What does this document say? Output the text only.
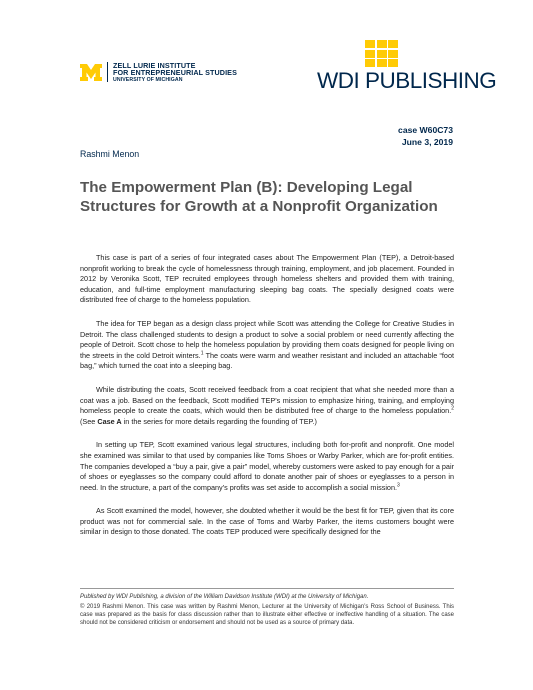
ZELL LURIE INSTITUTE
FOR ENTREPRENEURIAL STUDIES
UNIVERSITY OF MICHIGAN	WDI PUBLISHING
case W60C73
June 3, 2019
Rashmi Menon
The Empowerment Plan (B): Developing Legal Structures for Growth at a Nonprofit Organization

This case is part of a series of four integrated cases about The Empowerment Plan (TEP), a Detroit-based nonprofit working to break the cycle of homelessness through training, employment, and job placement. Founded in 2012 by Veronika Scott, TEP recruited employees through homeless shelters and provided them with training, education, and full-time employment manufacturing sleeping bag coats. The specially designed coats were distributed free of charge to the homeless population.

The idea for TEP began as a design class project while Scott was attending the College for Creative Studies in Detroit. The class challenged students to design a product to solve a social problem or need currently affecting the people of Detroit. Scott chose to help the homeless population by providing them coats designed for people living on the streets in the cold Detroit winters.$^1$ The coats were warm and weather resistant and included an attachable “foot bag,” which turned the coat into a sleeping bag.

While distributing the coats, Scott received feedback from a coat recipient that what she needed more than a coat was a job. Based on the feedback, Scott modified TEP’s mission to emphasize hiring, training, and employing homeless people to create the coats, which would then be distributed free of charge to the homeless population.$^2$ (See Case A in the series for more details regarding the founding of TEP.)

In setting up TEP, Scott examined various legal structures, including both for-profit and nonprofit. One model she examined was similar to that used by companies like Toms Shoes or Warby Parker, which are for-profit entities. The companies developed a “buy a pair, give a pair” model, whereby customers were asked to pay enough for a pair of shoes or eyeglasses so the company could afford to donate another pair of shoes or eyeglasses to a person in need. In the structure, a part of the company’s profits was set aside to accomplish a social mission.$^3$

As Scott examined the model, however, she doubted whether it would be the best fit for TEP, given that its core product was not for commercial sale. In the case of Toms and Warby Parker, the items customers bought were similar in design to those donated. The coats TEP produced were specifically designed for the

Published by WDI Publishing, a division of the William Davidson Institute (WDI) at the University of Michigan.

© 2019 Rashmi Menon. This case was written by Rashmi Menon, Lecturer at the University of Michigan’s Ross School of Business. This case was prepared as the basis for class discussion rather than to illustrate either effective or ineffective handling of a situation. The case should not be considered criticism or endorsement and should not be used as a source of primary data.
